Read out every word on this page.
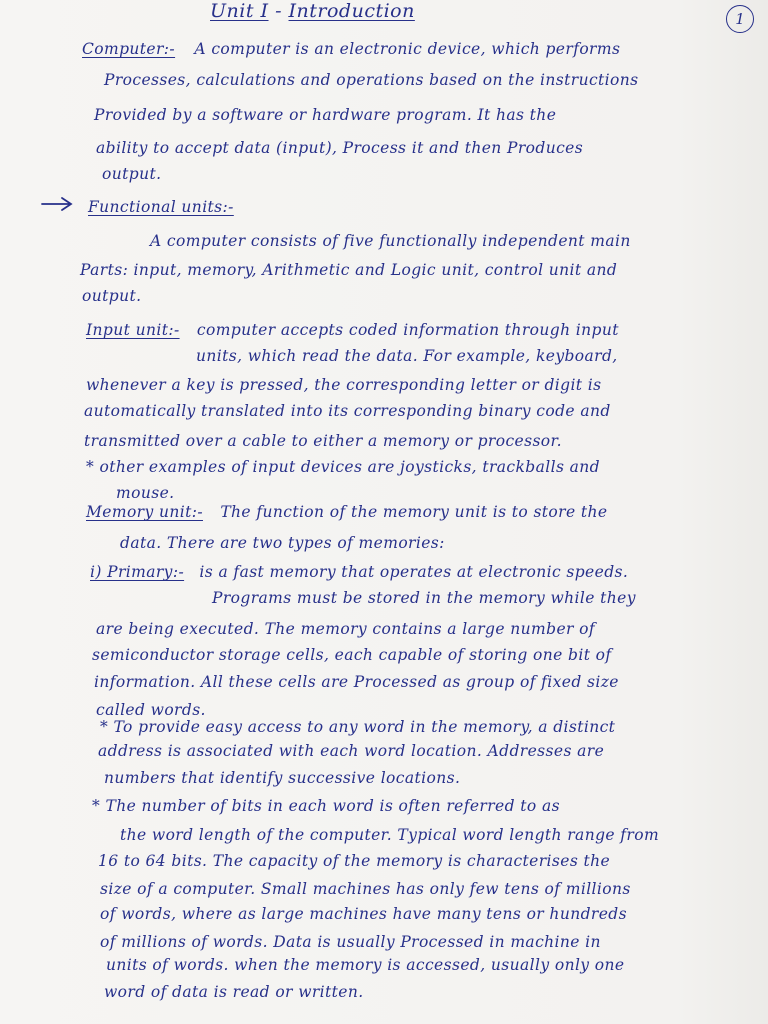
Unit I - Introduction	1
Computer:- A computer is an electronic device, which performs
Processes, calculations and operations based on the instructions
Provided by a software or hardware program. It has the
ability to accept data (input), Process it and then Produces
output.
Functional units:-
A computer consists of five functionally independent main
Parts: input, memory, Arithmetic and Logic unit, control unit and
output.
Input unit:- computer accepts coded information through input
units, which read the data. For example, keyboard,
whenever a key is pressed, the corresponding letter or digit is
automatically translated into its corresponding binary code and
transmitted over a cable to either a memory or processor.
* other examples of input devices are joysticks, trackballs and
mouse.
Memory unit:- The function of the memory unit is to store the
data. There are two types of memories:
i) Primary:- is a fast memory that operates at electronic speeds.
Programs must be stored in the memory while they
are being executed. The memory contains a large number of
semiconductor storage cells, each capable of storing one bit of
information. All these cells are Processed as group of fixed size
called words.
* To provide easy access to any word in the memory, a distinct
address is associated with each word location. Addresses are
numbers that identify successive locations.
* The number of bits in each word is often referred to as
the word length of the computer. Typical word length range from
16 to 64 bits. The capacity of the memory is characterises the
size of a computer. Small machines has only few tens of millions
of words, where as large machines have many tens or hundreds
of millions of words. Data is usually Processed in machine in
units of words. when the memory is accessed, usually only one
word of data is read or written.
